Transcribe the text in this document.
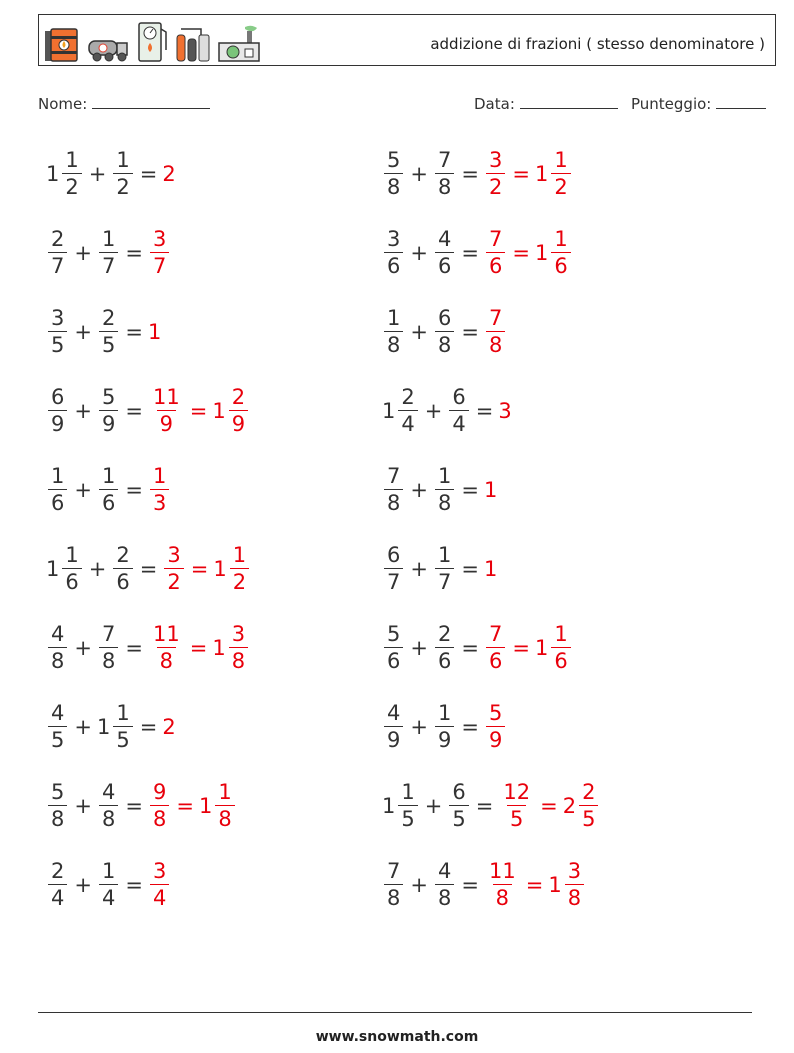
addizione di frazioni ( stesso denominatore )
Nome:	Data:	Punteggio:
$1 \frac{1}{2} + \frac{1}{2} = 2$
$\frac{2}{7} + \frac{1}{7} = \frac{3}{7}$
$\frac{3}{5} + \frac{2}{5} = 1$
$\frac{6}{9} + \frac{5}{9} = \frac{11}{9} = 1 \frac{2}{9}$
$\frac{1}{6} + \frac{1}{6} = \frac{1}{3}$
$1 \frac{1}{6} + \frac{2}{6} = \frac{3}{2} = 1 \frac{1}{2}$
$\frac{4}{8} + \frac{7}{8} = \frac{11}{8} = 1 \frac{3}{8}$
$\frac{4}{5} + 1 \frac{1}{5} = 2$
$\frac{5}{8} + \frac{4}{8} = \frac{9}{8} = 1 \frac{1}{8}$
$\frac{2}{4} + \frac{1}{4} = \frac{3}{4}$
$\frac{5}{8} + \frac{7}{8} = \frac{3}{2} = 1 \frac{1}{2}$
$\frac{3}{6} + \frac{4}{6} = \frac{7}{6} = 1 \frac{1}{6}$
$\frac{1}{8} + \frac{6}{8} = \frac{7}{8}$
$1 \frac{2}{4} + \frac{6}{4} = 3$
$\frac{7}{8} + \frac{1}{8} = 1$
$\frac{6}{7} + \frac{1}{7} = 1$
$\frac{5}{6} + \frac{2}{6} = \frac{7}{6} = 1 \frac{1}{6}$
$\frac{4}{9} + \frac{1}{9} = \frac{5}{9}$
$1 \frac{1}{5} + \frac{6}{5} = \frac{12}{5} = 2 \frac{2}{5}$
$\frac{7}{8} + \frac{4}{8} = \frac{11}{8} = 1 \frac{3}{8}$
www.snowmath.com
